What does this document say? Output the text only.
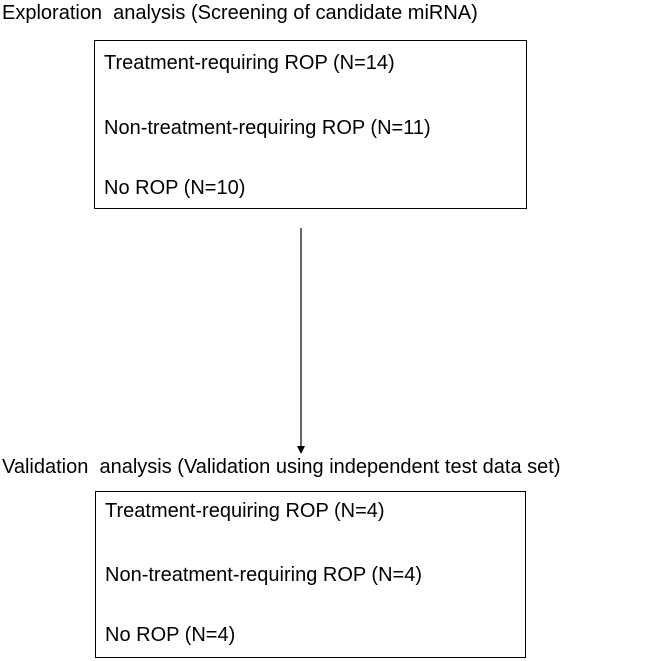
Exploration  analysis (Screening of candidate miRNA)
Treatment-requiring ROP (N=14)
Non-treatment-requiring ROP (N=11)
No ROP (N=10)
Validation  analysis (Validation using independent test data set)
Treatment-requiring ROP (N=4)
Non-treatment-requiring ROP (N=4)
No ROP (N=4)
